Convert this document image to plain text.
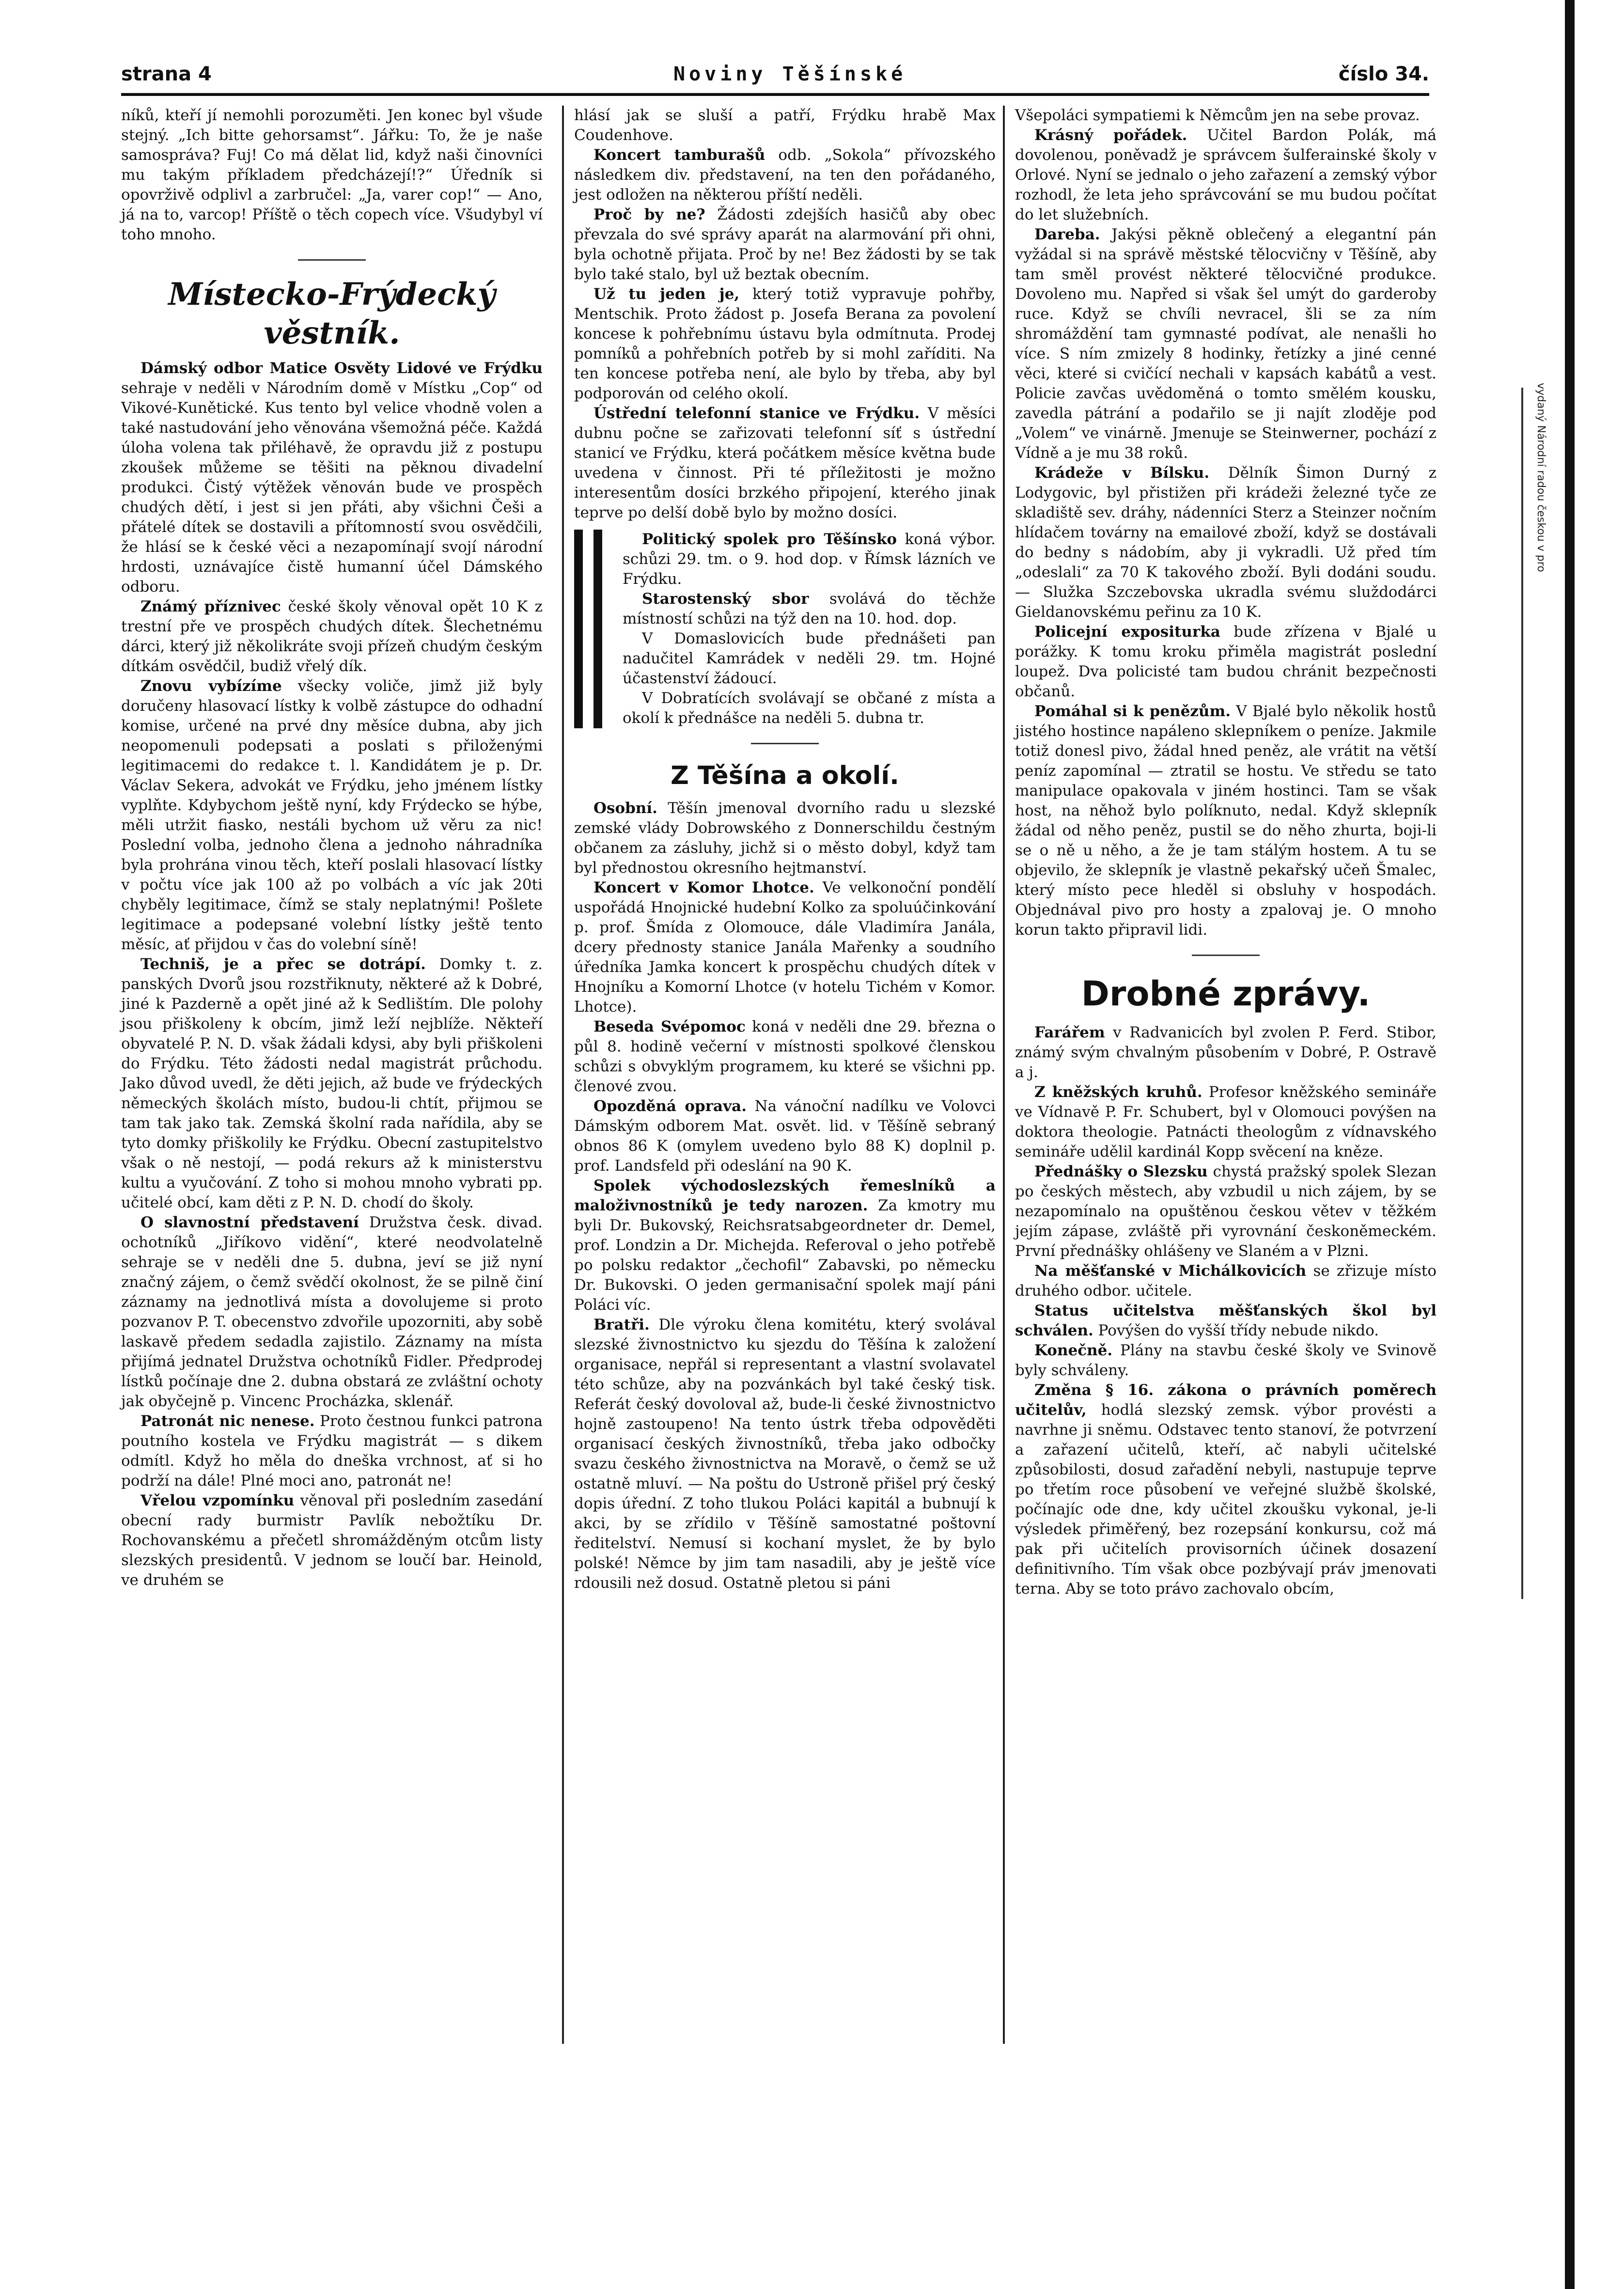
strana 4	Noviny Těšínské	číslo 34.

níků, kteří jí nemohli porozuměti. Jen konec byl všude stejný. „Ich bitte gehorsamst“. Jářku: To, že je naše samospráva? Fuj! Co má dělat lid, když naši činovníci mu takým příkladem předcházejí!?“ Úředník si opovrživě odplivl a zarbručel: „Ja, varer cop!“ — Ano, já na to, varcop! Příště o těch copech více. Všudybyl ví toho mnoho.

Místecko-Frýdecký věstník.

Dámský odbor Matice Osvěty Lidové ve Frýdku sehraje v neděli v Národním domě v Místku „Cop“ od Vikové-Kunětické. Kus tento byl velice vhodně volen a také nastudování jeho věnována všemožná péče. Každá úloha volena tak přiléhavě, že opravdu již z postupu zkoušek můžeme se těšiti na pěknou divadelní produkci. Čistý výtěžek věnován bude ve prospěch chudých dětí, i jest si jen přáti, aby všichni Češi a přátelé dítek se dostavili a přítomností svou osvědčili, že hlásí se k české věci a nezapomínají svojí národní hrdosti, uznávajíce čistě humanní účel Dámského odboru.

Známý příznivec české školy věnoval opět 10 K z trestní pře ve prospěch chudých dítek. Šlechetnému dárci, který již několikráte svoji přízeň chudým českým dítkám osvědčil, budiž vřelý dík.

Znovu vybízíme všecky voliče, jimž již byly doručeny hlasovací lístky k volbě zástupce do odhadní komise, určené na prvé dny měsíce dubna, aby jich neopomenuli podepsati a poslati s přiloženými legitimacemi do redakce t. l. Kandidátem je p. Dr. Václav Sekera, advokát ve Frýdku, jeho jménem lístky vyplňte. Kdybychom ještě nyní, kdy Frýdecko se hýbe, měli utržit fiasko, nestáli bychom už věru za nic! Poslední volba, jednoho člena a jednoho náhradníka byla prohrána vinou těch, kteří poslali hlasovací lístky v počtu více jak 100 až po volbách a víc jak 20ti chyběly legitimace, čímž se staly neplatnými! Pošlete legitimace a podepsané volební lístky ještě tento měsíc, ať přijdou v čas do volební síně!

Techniš, je a přec se dotrápí. Domky t. z. panských Dvorů jsou rozstřiknuty, některé až k Dobré, jiné k Pazderně a opět jiné až k Sedlištím. Dle polohy jsou přiškoleny k obcím, jimž leží nejblíže. Někteří obyvatelé P. N. D. však žádali kdysi, aby byli přiškoleni do Frýdku. Této žádosti nedal magistrát průchodu. Jako důvod uvedl, že děti jejich, až bude ve frýdeckých německých školách místo, budou-li chtít, přijmou se tam tak jako tak. Zemská školní rada nařídila, aby se tyto domky přiškolily ke Frýdku. Obecní zastupitelstvo však o ně nestojí, — podá rekurs až k ministerstvu kultu a vyučování. Z toho si mohou mnoho vybrati pp. učitelé obcí, kam děti z P. N. D. chodí do školy.

O slavnostní představení Družstva česk. divad. ochotníků „Jiříkovo vidění“, které neodvolatelně sehraje se v neděli dne 5. dubna, jeví se již nyní značný zájem, o čemž svědčí okolnost, že se pilně činí záznamy na jednotlivá místa a dovolujeme si proto pozvanov P. T. obecenstvo zdvořile upozorniti, aby sobě laskavě předem sedadla zajistilo. Záznamy na místa přijímá jednatel Družstva ochotníků Fidler. Předprodej lístků počínaje dne 2. dubna obstará ze zvláštní ochoty jak obyčejně p. Vincenc Procházka, sklenář.

Patronát nic nenese. Proto čestnou funkci patrona poutního kostela ve Frýdku magistrát — s dikem odmítl. Když ho měla do dneška vrchnost, ať si ho podrží na dále! Plné moci ano, patronát ne!

Vřelou vzpomínku věnoval při posledním zasedání obecní rady burmistr Pavlík nebožtíku Dr. Rochovanskému a přečetl shromážděným otcům listy slezských presidentů. V jednom se loučí bar. Heinold, ve druhém se

hlásí jak se sluší a patří, Frýdku hrabě Max Coudenhove.

Koncert tamburašů odb. „Sokola“ přívozského následkem div. představení, na ten den pořádaného, jest odložen na některou příští neděli.

Proč by ne? Žádosti zdejších hasičů aby obec převzala do své správy aparát na alarmování při ohni, byla ochotně přijata. Proč by ne! Bez žádosti by se tak bylo také stalo, byl už beztak obecním.

Už tu jeden je, který totiž vypravuje pohřby, Mentschik. Proto žádost p. Josefa Berana za povolení koncese k pohřebnímu ústavu byla odmítnuta. Prodej pomníků a pohřebních potřeb by si mohl zaříditi. Na ten koncese potřeba není, ale bylo by třeba, aby byl podporován od celého okolí.

Ústřední telefonní stanice ve Frýdku. V měsíci dubnu počne se zařizovati telefonní síť s ústřední stanicí ve Frýdku, která počátkem měsíce května bude uvedena v činnost. Při té příležitosti je možno interesentům dosíci brzkého připojení, kterého jinak teprve po delší době bylo by možno dosíci.

Politický spolek pro Těšínsko koná výbor. schůzi 29. tm. o 9. hod dop. v Římsk lázních ve Frýdku.

Starostenský sbor svolává do těchže místností schůzi na týž den na 10. hod. dop.

V Domaslovicích bude přednášeti pan nadučitel Kamrádek v neděli 29. tm. Hojné účastenství žádoucí.

V Dobratících svolávají se občané z místa a okolí k přednášce na neděli 5. dubna tr.

Z Těšína a okolí.

Osobní. Těšín jmenoval dvorního radu u slezské zemské vlády Dobrowského z Donnerschildu čestným občanem za zásluhy, jichž si o město dobyl, když tam byl přednostou okresního hejtmanství.

Koncert v Komor Lhotce. Ve velkonoční pondělí uspořádá Hnojnické hudební Kolko za spoluúčinkování p. prof. Šmída z Olomouce, dále Vladimíra Janála, dcery přednosty stanice Janála Mařenky a soudního úředníka Jamka koncert k prospěchu chudých dítek v Hnojníku a Komorní Lhotce (v hotelu Tichém v Komor. Lhotce).

Beseda Svépomoc koná v neděli dne 29. března o půl 8. hodině večerní v místnosti spolkové členskou schůzi s obvyklým programem, ku které se všichni pp. členové zvou.

Opozděná oprava. Na vánoční nadílku ve Volovci Dámským odborem Mat. osvět. lid. v Těšíně sebraný obnos 86 K (omylem uvedeno bylo 88 K) doplnil p. prof. Landsfeld při odeslání na 90 K.

Spolek východoslezských řemeslníků a maloživnostníků je tedy narozen. Za kmotry mu byli Dr. Bukovský, Reichsratsabgeordneter dr. Demel, prof. Londzin a Dr. Michejda. Referoval o jeho potřebě po polsku redaktor „čechofil“ Zabavski, po německu Dr. Bukovski. O jeden germanisační spolek mají páni Poláci víc.

Bratři. Dle výroku člena komitétu, který svolával slezské živnostnictvo ku sjezdu do Těšína k založení organisace, nepřál si representant a vlastní svolavatel této schůze, aby na pozvánkách byl také český tisk. Referát český dovoloval až, bude-li české živnostnictvo hojně zastoupeno! Na tento ústrk třeba odpověděti organisací českých živnostníků, třeba jako odbočky svazu českého živnostnictva na Moravě, o čemž se už ostatně mluví. — Na poštu do Ustroně přišel prý český dopis úřední. Z toho tlukou Poláci kapitál a bubnují k akci, by se zřídilo v Těšíně samostatné poštovní ředitelství. Nemusí si kochaní myslet, že by bylo polské! Němce by jim tam nasadili, aby je ještě více rdousili než dosud. Ostatně pletou si páni

Všepoláci sympatiemi k Němcům jen na sebe provaz.

Krásný pořádek. Učitel Bardon Polák, má dovolenou, poněvadž je správcem šulferainské školy v Orlové. Nyní se jednalo o jeho zařazení a zemský výbor rozhodl, že leta jeho správcování se mu budou počítat do let služebních.

Dareba. Jakýsi pěkně oblečený a elegantní pán vyžádal si na správě městské tělocvičny v Těšíně, aby tam směl provést některé tělocvičné produkce. Dovoleno mu. Napřed si však šel umýt do garderoby ruce. Když se chvíli nevracel, šli se za ním shromáždění tam gymnasté podívat, ale nenašli ho více. S ním zmizely 8 hodinky, řetízky a jiné cenné věci, které si cvičící nechali v kapsách kabátů a vest. Policie zavčas uvědoměná o tomto smělém kousku, zavedla pátrání a podařilo se ji najít zloděje pod „Volem“ ve vinárně. Jmenuje se Steinwerner, pochází z Vídně a je mu 38 roků.

Krádeže v Bílsku. Dělník Šimon Durný z Lodygovic, byl přistižen při krádeži železné tyče ze skladiště sev. dráhy, nádenníci Sterz a Steinzer nočním hlídačem továrny na emailové zboží, když se dostávali do bedny s nádobím, aby ji vykradli. Už před tím „odeslali“ za 70 K takového zboží. Byli dodáni soudu. — Služka Szczebovska ukradla svému služdodárci Gieldanovskému peřinu za 10 K.

Policejní expositurka bude zřízena v Bjalé u porážky. K tomu kroku přiměla magistrát poslední loupež. Dva policisté tam budou chránit bezpečnosti občanů.

Pomáhal si k penězům. V Bjalé bylo několik hostů jistého hostince napáleno sklepníkem o peníze. Jakmile totiž donesl pivo, žádal hned peněz, ale vrátit na větší peníz zapomínal — ztratil se hostu. Ve středu se tato manipulace opakovala v jiném hostinci. Tam se však host, na něhož bylo políknuto, nedal. Když sklepník žádal od něho peněz, pustil se do něho zhurta, boji-li se o ně u něho, a že je tam stálým hostem. A tu se objevilo, že sklepník je vlastně pekařský učeň Šmalec, který místo pece hleděl si obsluhy v hospodách. Objednával pivo pro hosty a zpalovaj je. O mnoho korun takto připravil lidi.

Drobné zprávy.

Farářem v Radvanicích byl zvolen P. Ferd. Stibor, známý svým chvalným působením v Dobré, P. Ostravě a j.

Z kněžských kruhů. Profesor kněžského semináře ve Vídnavě P. Fr. Schubert, byl v Olomouci povýšen na doktora theologie. Patnácti theologům z vídnavského semináře udělil kardinál Kopp svěcení na kněze.

Přednášky o Slezsku chystá pražský spolek Slezan po českých městech, aby vzbudil u nich zájem, by se nezapomínalo na opuštěnou českou větev v těžkém jejím zápase, zvláště při vyrovnání českoněmeckém. První přednášky ohlášeny ve Slaném a v Plzni.

Na měšťanské v Michálkovicích se zřizuje místo druhého odbor. učitele.

Status učitelstva měšťanských škol byl schválen. Povýšen do vyšší třídy nebude nikdo.

Konečně. Plány na stavbu české školy ve Svinově byly schváleny.

Změna § 16. zákona o právních poměrech učitelův, hodlá slezský zemsk. výbor provésti a navrhne ji sněmu. Odstavec tento stanoví, že potvrzení a zařazení učitelů, kteří, ač nabyli učitelské způsobilosti, dosud zařadění nebyli, nastupuje teprve po třetím roce působení ve veřejné službě školské, počínajíc ode dne, kdy učitel zkoušku vykonal, je-li výsledek přiměřený, bez rozepsání konkursu, což má pak při učitelích provisorních účinek dosazení definitivního. Tím však obce pozbývají práv jmenovati terna. Aby se toto právo zachovalo obcím,

vydaný Národní radou českou v pro
